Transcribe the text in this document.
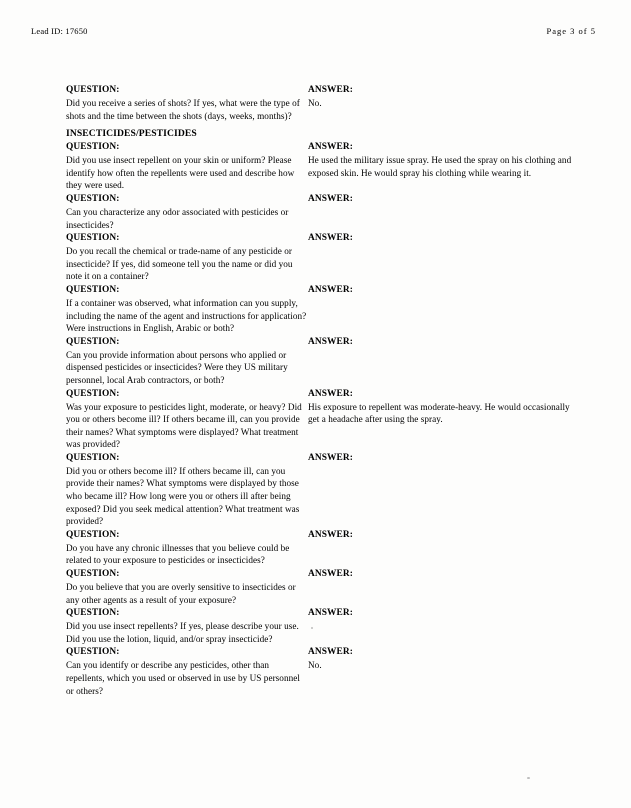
Lead ID: 17650	Page 3 of 5
QUESTION:
Did you receive a series of shots? If yes, what were the type of shots and the time between the shots (days, weeks, months)?
ANSWER:
No.
INSECTICIDES/PESTICIDES
QUESTION:
Did you use insect repellent on your skin or uniform? Please identify how often the repellents were used and describe how they were used.
ANSWER:
He used the military issue spray. He used the spray on his clothing and exposed skin. He would spray his clothing while wearing it.
QUESTION:
Can you characterize any odor associated with pesticides or insecticides?
ANSWER:
QUESTION:
Do you recall the chemical or trade-name of any pesticide or insecticide? If yes, did someone tell you the name or did you note it on a container?
ANSWER:
QUESTION:
If a container was observed, what information can you supply, including the name of the agent and instructions for application? Were instructions in English, Arabic or both?
ANSWER:
QUESTION:
Can you provide information about persons who applied or dispensed pesticides or insecticides? Were they US military personnel, local Arab contractors, or both?
ANSWER:
QUESTION:
Was your exposure to pesticides light, moderate, or heavy? Did you or others become ill? If others became ill, can you provide their names? What symptoms were displayed? What treatment was provided?
ANSWER:
His exposure to repellent was moderate-heavy. He would occasionally get a headache after using the spray.
QUESTION:
Did you or others become ill? If others became ill, can you provide their names? What symptoms were displayed by those who became ill? How long were you or others ill after being exposed? Did you seek medical attention? What treatment was provided?
ANSWER:
QUESTION:
Do you have any chronic illnesses that you believe could be related to your exposure to pesticides or insecticides?
ANSWER:
QUESTION:
Do you believe that you are overly sensitive to insecticides or any other agents as a result of your exposure?
ANSWER:
QUESTION:
Did you use insect repellents? If yes, please describe your use. Did you use the lotion, liquid, and/or spray insecticide?
ANSWER:
QUESTION:
Can you identify or describe any pesticides, other than repellents, which you used or observed in use by US personnel or others?
ANSWER:
No.
